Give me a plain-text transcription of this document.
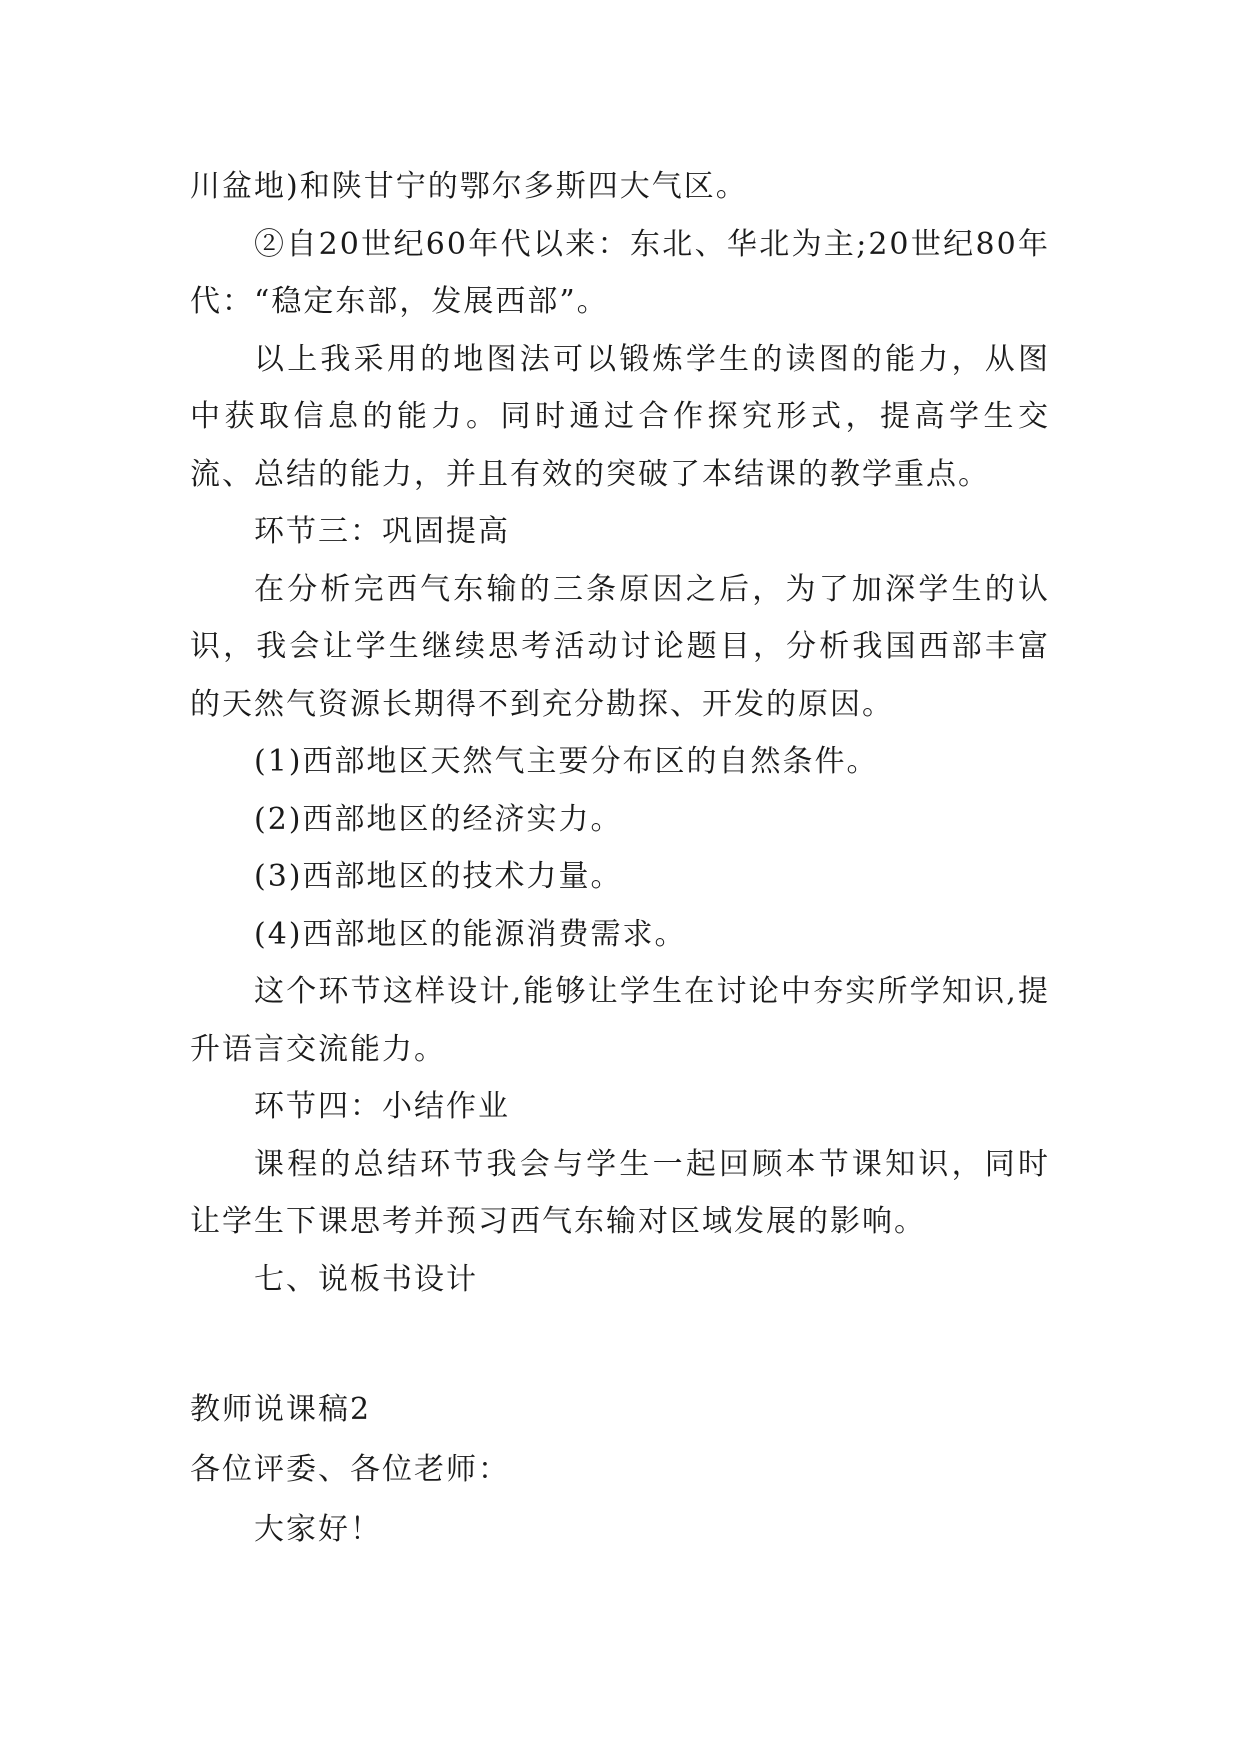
川盆地)和陕甘宁的鄂尔多斯四大气区。

②自20世纪60年代以来：东北、华北为主;20世纪80年代：“稳定东部，发展西部”。

以上我采用的地图法可以锻炼学生的读图的能力，从图中获取信息的能力。同时通过合作探究形式，提高学生交流、总结的能力，并且有效的突破了本结课的教学重点。

环节三：巩固提高

在分析完西气东输的三条原因之后，为了加深学生的认识，我会让学生继续思考活动讨论题目，分析我国西部丰富的天然气资源长期得不到充分勘探、开发的原因。

(1)西部地区天然气主要分布区的自然条件。

(2)西部地区的经济实力。

(3)西部地区的技术力量。

(4)西部地区的能源消费需求。

这个环节这样设计,能够让学生在讨论中夯实所学知识,提升语言交流能力。

环节四：小结作业

课程的总结环节我会与学生一起回顾本节课知识，同时让学生下课思考并预习西气东输对区域发展的影响。

七、说板书设计

教师说课稿2

各位评委、各位老师：

大家好！
